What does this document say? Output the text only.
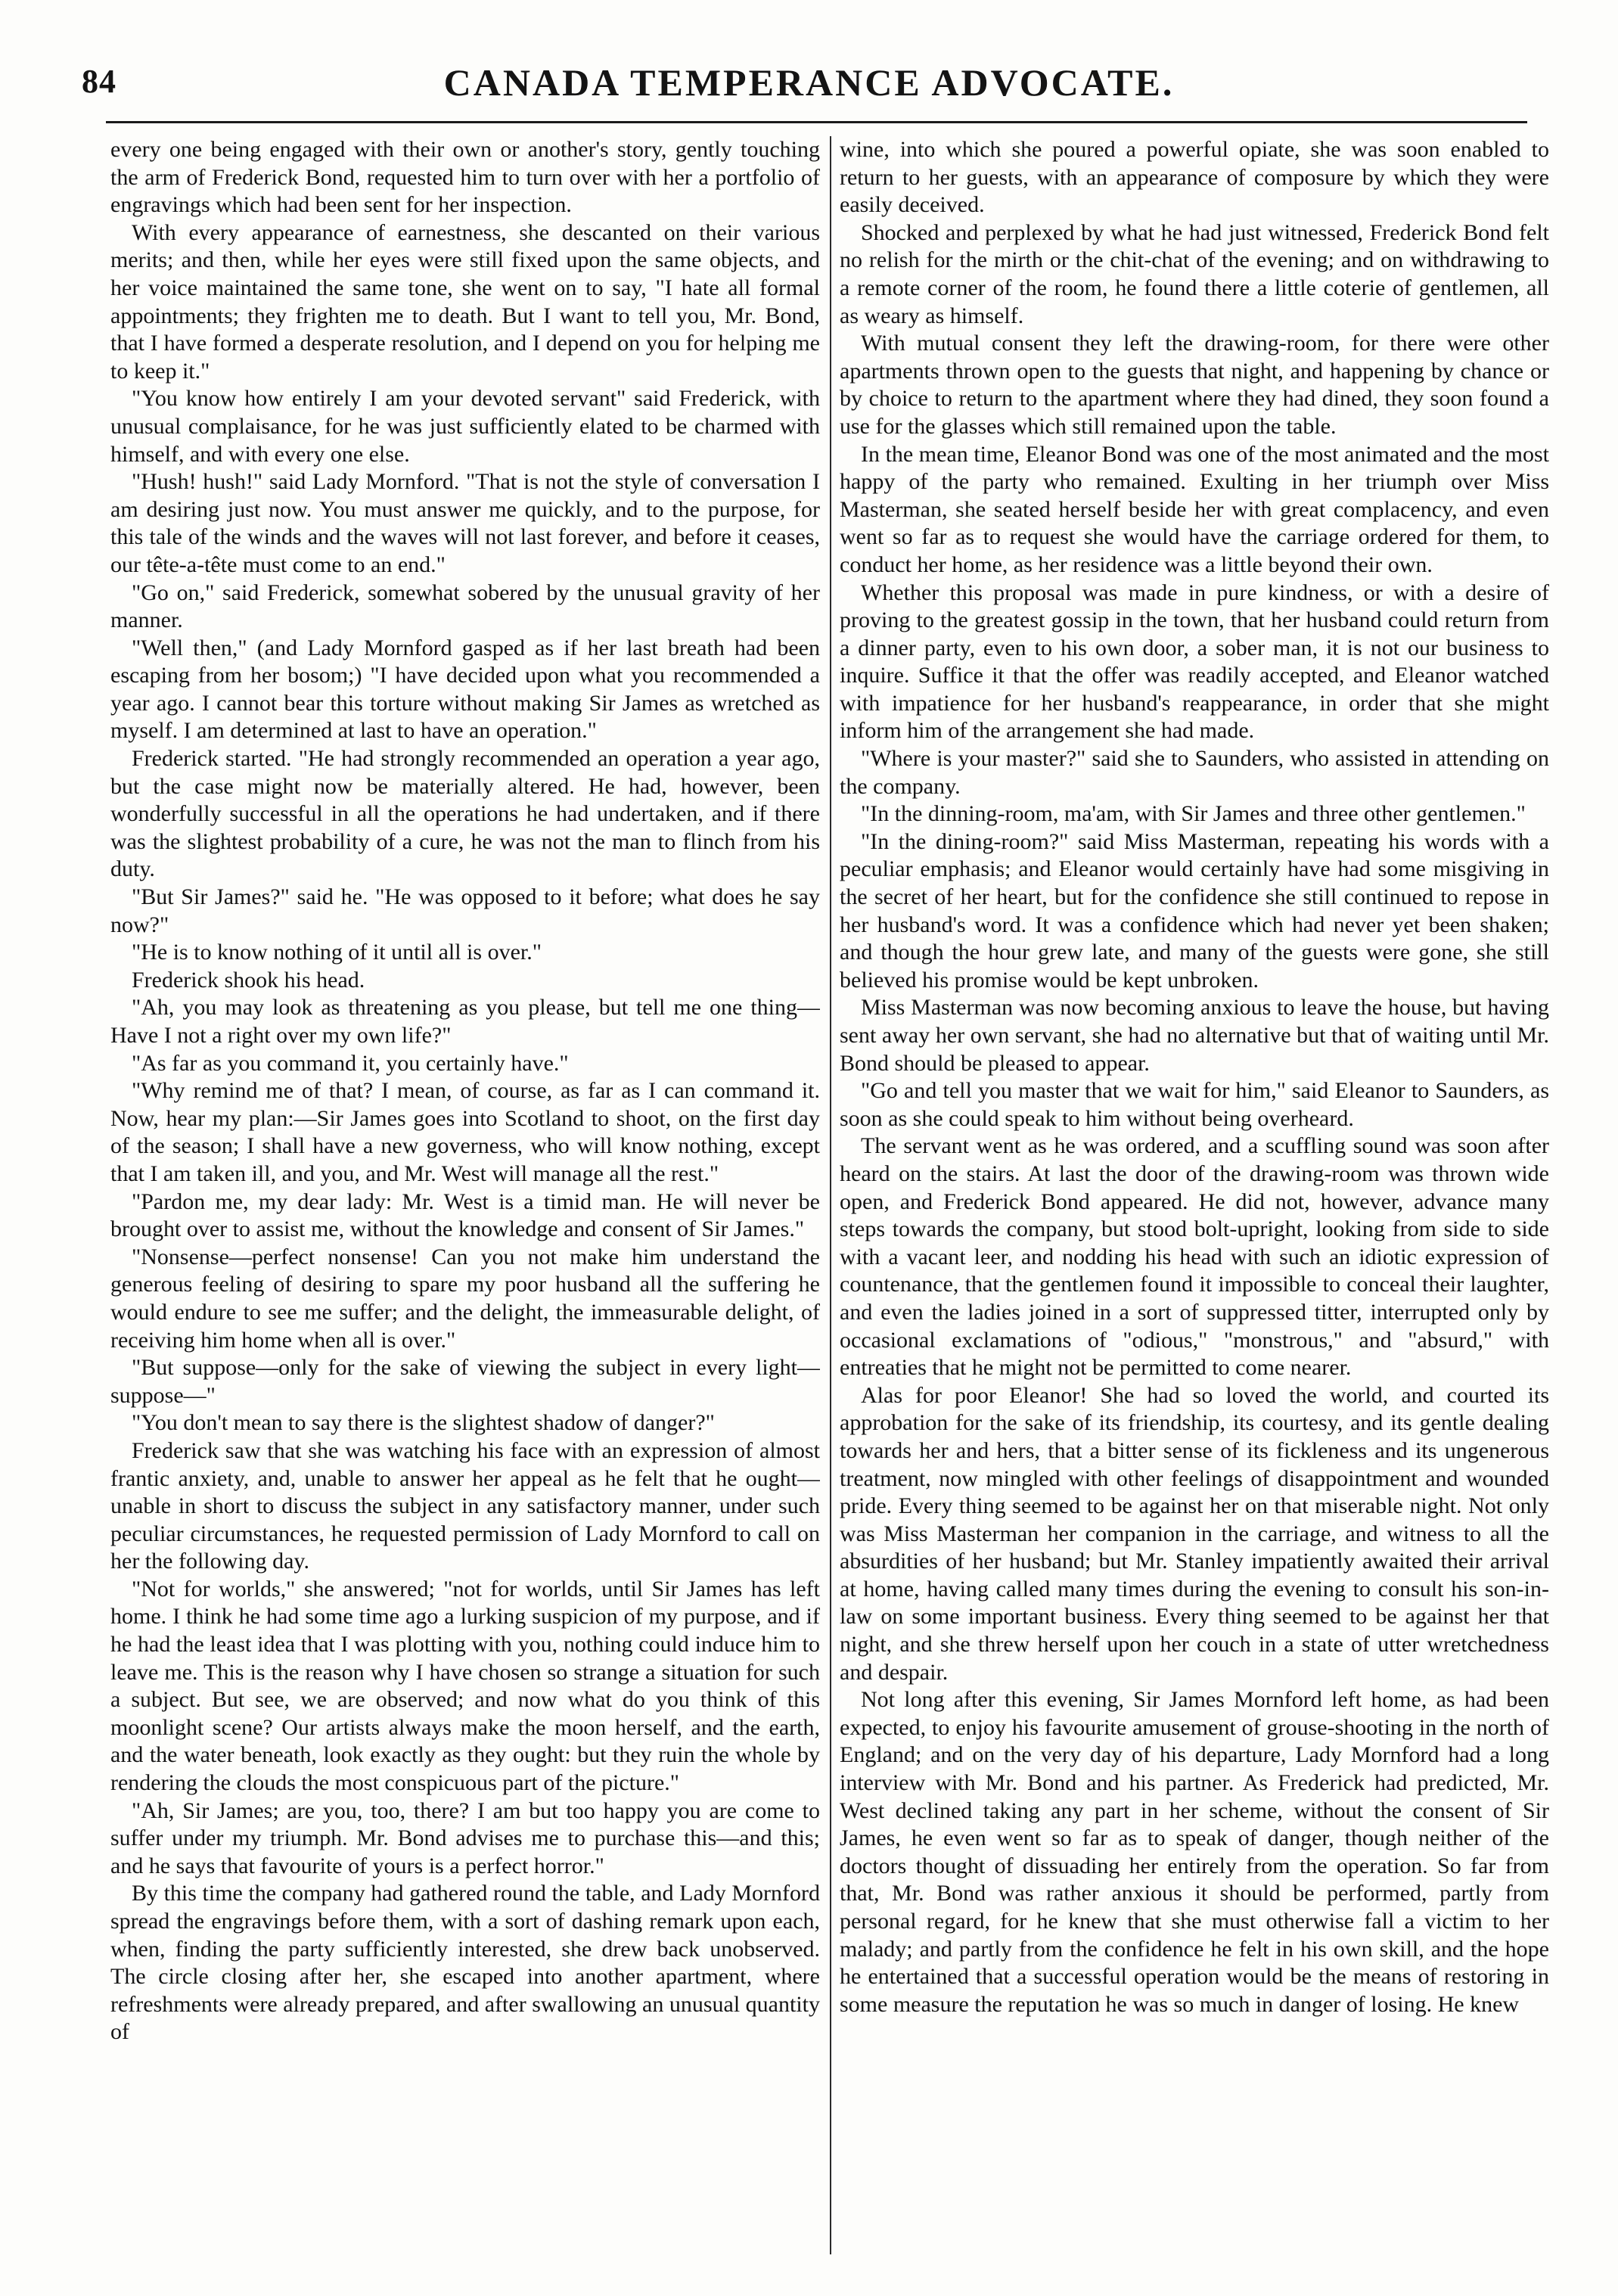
84	CANADA TEMPERANCE ADVOCATE.

every one being engaged with their own or another's story, gently touching the arm of Frederick Bond, requested him to turn over with her a portfolio of engravings which had been sent for her inspection.

With every appearance of earnestness, she descanted on their various merits; and then, while her eyes were still fixed upon the same objects, and her voice maintained the same tone, she went on to say, "I hate all formal appointments; they frighten me to death. But I want to tell you, Mr. Bond, that I have formed a desperate resolution, and I depend on you for helping me to keep it."

"You know how entirely I am your devoted servant" said Frederick, with unusual complaisance, for he was just sufficiently elated to be charmed with himself, and with every one else.

"Hush! hush!" said Lady Mornford. "That is not the style of conversation I am desiring just now. You must answer me quickly, and to the purpose, for this tale of the winds and the waves will not last forever, and before it ceases, our tête-a-tête must come to an end."

"Go on," said Frederick, somewhat sobered by the unusual gravity of her manner.

"Well then," (and Lady Mornford gasped as if her last breath had been escaping from her bosom;) "I have decided upon what you recommended a year ago. I cannot bear this torture without making Sir James as wretched as myself. I am determined at last to have an operation."

Frederick started. "He had strongly recommended an operation a year ago, but the case might now be materially altered. He had, however, been wonderfully successful in all the operations he had undertaken, and if there was the slightest probability of a cure, he was not the man to flinch from his duty.

"But Sir James?" said he. "He was opposed to it before; what does he say now?"

"He is to know nothing of it until all is over."

Frederick shook his head.

"Ah, you may look as threatening as you please, but tell me one thing—Have I not a right over my own life?"

"As far as you command it, you certainly have."

"Why remind me of that? I mean, of course, as far as I can command it. Now, hear my plan:—Sir James goes into Scotland to shoot, on the first day of the season; I shall have a new governess, who will know nothing, except that I am taken ill, and you, and Mr. West will manage all the rest."

"Pardon me, my dear lady: Mr. West is a timid man. He will never be brought over to assist me, without the knowledge and consent of Sir James."

"Nonsense—perfect nonsense! Can you not make him understand the generous feeling of desiring to spare my poor husband all the suffering he would endure to see me suffer; and the delight, the immeasurable delight, of receiving him home when all is over."

"But suppose—only for the sake of viewing the subject in every light—suppose—"

"You don't mean to say there is the slightest shadow of danger?"

Frederick saw that she was watching his face with an expression of almost frantic anxiety, and, unable to answer her appeal as he felt that he ought—unable in short to discuss the subject in any satisfactory manner, under such peculiar circumstances, he requested permission of Lady Mornford to call on her the following day.

"Not for worlds," she answered; "not for worlds, until Sir James has left home. I think he had some time ago a lurking suspicion of my purpose, and if he had the least idea that I was plotting with you, nothing could induce him to leave me. This is the reason why I have chosen so strange a situation for such a subject. But see, we are observed; and now what do you think of this moonlight scene? Our artists always make the moon herself, and the earth, and the water beneath, look exactly as they ought: but they ruin the whole by rendering the clouds the most conspicuous part of the picture."

"Ah, Sir James; are you, too, there? I am but too happy you are come to suffer under my triumph. Mr. Bond advises me to purchase this—and this; and he says that favourite of yours is a perfect horror."

By this time the company had gathered round the table, and Lady Mornford spread the engravings before them, with a sort of dashing remark upon each, when, finding the party sufficiently interested, she drew back unobserved. The circle closing after her, she escaped into another apartment, where refreshments were already prepared, and after swallowing an unusual quantity of

wine, into which she poured a powerful opiate, she was soon enabled to return to her guests, with an appearance of composure by which they were easily deceived.

Shocked and perplexed by what he had just witnessed, Frederick Bond felt no relish for the mirth or the chit-chat of the evening; and on withdrawing to a remote corner of the room, he found there a little coterie of gentlemen, all as weary as himself.

With mutual consent they left the drawing-room, for there were other apartments thrown open to the guests that night, and happening by chance or by choice to return to the apartment where they had dined, they soon found a use for the glasses which still remained upon the table.

In the mean time, Eleanor Bond was one of the most animated and the most happy of the party who remained. Exulting in her triumph over Miss Masterman, she seated herself beside her with great complacency, and even went so far as to request she would have the carriage ordered for them, to conduct her home, as her residence was a little beyond their own.

Whether this proposal was made in pure kindness, or with a desire of proving to the greatest gossip in the town, that her husband could return from a dinner party, even to his own door, a sober man, it is not our business to inquire. Suffice it that the offer was readily accepted, and Eleanor watched with impatience for her husband's reappearance, in order that she might inform him of the arrangement she had made.

"Where is your master?" said she to Saunders, who assisted in attending on the company.

"In the dinning-room, ma'am, with Sir James and three other gentlemen."

"In the dining-room?" said Miss Masterman, repeating his words with a peculiar emphasis; and Eleanor would certainly have had some misgiving in the secret of her heart, but for the confidence she still continued to repose in her husband's word. It was a confidence which had never yet been shaken; and though the hour grew late, and many of the guests were gone, she still believed his promise would be kept unbroken.

Miss Masterman was now becoming anxious to leave the house, but having sent away her own servant, she had no alternative but that of waiting until Mr. Bond should be pleased to appear.

"Go and tell you master that we wait for him," said Eleanor to Saunders, as soon as she could speak to him without being overheard.

The servant went as he was ordered, and a scuffling sound was soon after heard on the stairs. At last the door of the drawing-room was thrown wide open, and Frederick Bond appeared. He did not, however, advance many steps towards the company, but stood bolt-upright, looking from side to side with a vacant leer, and nodding his head with such an idiotic expression of countenance, that the gentlemen found it impossible to conceal their laughter, and even the ladies joined in a sort of suppressed titter, interrupted only by occasional exclamations of "odious," "monstrous," and "absurd," with entreaties that he might not be permitted to come nearer.

Alas for poor Eleanor! She had so loved the world, and courted its approbation for the sake of its friendship, its courtesy, and its gentle dealing towards her and hers, that a bitter sense of its fickleness and its ungenerous treatment, now mingled with other feelings of disappointment and wounded pride. Every thing seemed to be against her on that miserable night. Not only was Miss Masterman her companion in the carriage, and witness to all the absurdities of her husband; but Mr. Stanley impatiently awaited their arrival at home, having called many times during the evening to consult his son-in-law on some important business. Every thing seemed to be against her that night, and she threw herself upon her couch in a state of utter wretchedness and despair.

Not long after this evening, Sir James Mornford left home, as had been expected, to enjoy his favourite amusement of grouse-shooting in the north of England; and on the very day of his departure, Lady Mornford had a long interview with Mr. Bond and his partner. As Frederick had predicted, Mr. West declined taking any part in her scheme, without the consent of Sir James, he even went so far as to speak of danger, though neither of the doctors thought of dissuading her entirely from the operation. So far from that, Mr. Bond was rather anxious it should be performed, partly from personal regard, for he knew that she must otherwise fall a victim to her malady; and partly from the confidence he felt in his own skill, and the hope he entertained that a successful operation would be the means of restoring in some measure the reputation he was so much in danger of losing. He knew
